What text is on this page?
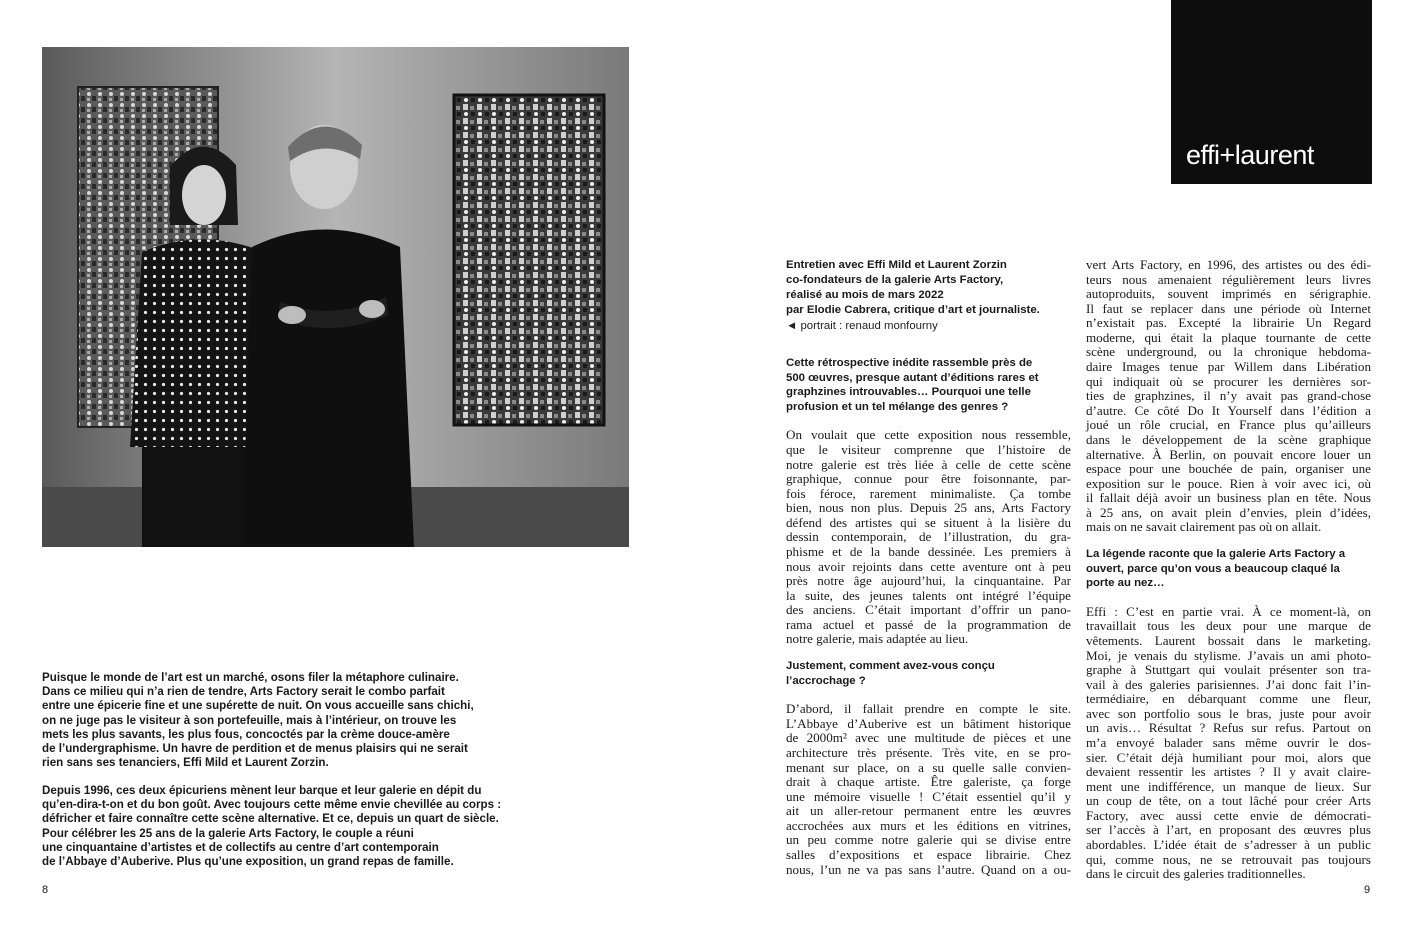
Puisque le monde de l’art est un marché, osons filer la métaphore culinaire.
Dans ce milieu qui n’a rien de tendre, Arts Factory serait le combo parfait
entre une épicerie fine et une supérette de nuit. On vous accueille sans chichi,
on ne juge pas le visiteur à son portefeuille, mais à l’intérieur, on trouve les
mets les plus savants, les plus fous, concoctés par la crème douce-amère
de l’undergraphisme. Un havre de perdition et de menus plaisirs qui ne serait
rien sans ses tenanciers, Effi Mild et Laurent Zorzin.
Depuis 1996, ces deux épicuriens mènent leur barque et leur galerie en dépit du
qu’en-dira-t-on et du bon goût. Avec toujours cette même envie chevillée au corps :
défricher et faire connaître cette scène alternative. Et ce, depuis un quart de siècle.
Pour célébrer les 25 ans de la galerie Arts Factory, le couple a réuni
une cinquantaine d’artistes et de collectifs au centre d’art contemporain
de l’Abbaye d’Auberive. Plus qu’une exposition, un grand repas de famille.
8	9
effi+laurent
Entretien avec Effi Mild et Laurent Zorzin
co-fondateurs de la galerie Arts Factory,
réalisé au mois de mars 2022
par Elodie Cabrera, critique d’art et journaliste.
◄ portrait : renaud monfourny
Cette rétrospective inédite rassemble près de
500 œuvres, presque autant d’éditions rares et
graphzines introuvables… Pourquoi une telle
profusion et un tel mélange des genres ?
On voulait que cette exposition nous ressemble,
que le visiteur comprenne que l’histoire de
notre galerie est très liée à celle de cette scène
graphique, connue pour être foisonnante, par-
fois féroce, rarement minimaliste. Ça tombe
bien, nous non plus. Depuis 25 ans, Arts Factory
défend des artistes qui se situent à la lisière du
dessin contemporain, de l’illustration, du gra-
phisme et de la bande dessinée. Les premiers à
nous avoir rejoints dans cette aventure ont à peu
près notre âge aujourd’hui, la cinquantaine. Par
la suite, des jeunes talents ont intégré l’équipe
des anciens. C’était important d’offrir un pano-
rama actuel et passé de la programmation de
notre galerie, mais adaptée au lieu.
Justement, comment avez-vous conçu
l’accrochage ?
D’abord, il fallait prendre en compte le site.
L’Abbaye d’Auberive est un bâtiment historique
de 2000m² avec une multitude de pièces et une
architecture très présente. Très vite, en se pro-
menant sur place, on a su quelle salle convien-
drait à chaque artiste. Être galeriste, ça forge
une mémoire visuelle ! C’était essentiel qu’il y
ait un aller-retour permanent entre les œuvres
accrochées aux murs et les éditions en vitrines,
un peu comme notre galerie qui se divise entre
salles d’expositions et espace librairie. Chez
nous, l’un ne va pas sans l’autre. Quand on a ou-
vert Arts Factory, en 1996, des artistes ou des édi-
teurs nous amenaient régulièrement leurs livres
autoproduits, souvent imprimés en sérigraphie.
Il faut se replacer dans une période où Internet
n’existait pas. Excepté la librairie Un Regard
moderne, qui était la plaque tournante de cette
scène underground, ou la chronique hebdoma-
daire Images tenue par Willem dans Libération
qui indiquait où se procurer les dernières sor-
ties de graphzines, il n’y avait pas grand-chose
d’autre. Ce côté Do It Yourself dans l’édition a
joué un rôle crucial, en France plus qu’ailleurs
dans le développement de la scène graphique
alternative. À Berlin, on pouvait encore louer un
espace pour une bouchée de pain, organiser une
exposition sur le pouce. Rien à voir avec ici, où
il fallait déjà avoir un business plan en tête. Nous
à 25 ans, on avait plein d’envies, plein d’idées,
mais on ne savait clairement pas où on allait.
La légende raconte que la galerie Arts Factory a
ouvert, parce qu’on vous a beaucoup claqué la
porte au nez…
Effi : C’est en partie vrai. À ce moment-là, on
travaillait tous les deux pour une marque de
vêtements. Laurent bossait dans le marketing.
Moi, je venais du stylisme. J’avais un ami photo-
graphe à Stuttgart qui voulait présenter son tra-
vail à des galeries parisiennes. J’ai donc fait l’in-
termédiaire, en débarquant comme une fleur,
avec son portfolio sous le bras, juste pour avoir
un avis… Résultat ? Refus sur refus. Partout on
m’a envoyé balader sans même ouvrir le dos-
sier. C’était déjà humiliant pour moi, alors que
devaient ressentir les artistes ? Il y avait claire-
ment une indifférence, un manque de lieux. Sur
un coup de tête, on a tout lâché pour créer Arts
Factory, avec aussi cette envie de démocrati-
ser l’accès à l’art, en proposant des œuvres plus
abordables. L’idée était de s’adresser à un public
qui, comme nous, ne se retrouvait pas toujours
dans le circuit des galeries traditionnelles.
